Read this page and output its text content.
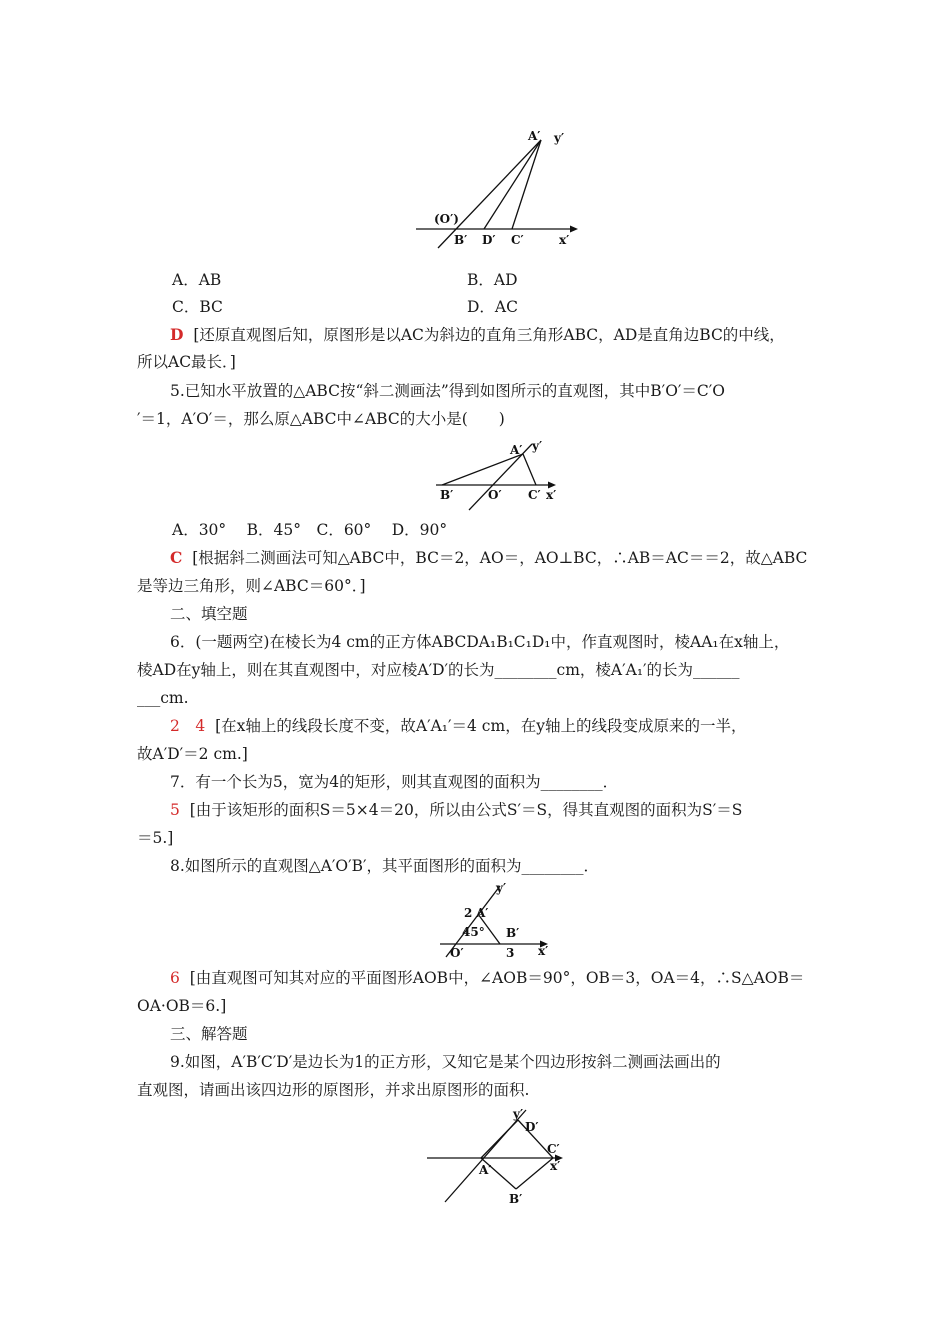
A′ y′
(O′)
B′ D′ C′	x′
A．AB	B．AD
C．BC	D．AC
D [还原直观图后知，原图形是以AC为斜边的直角三角形ABC，AD是直角边BC的中线，
所以AC最长．]
5.已知水平放置的△ABC按“斜二测画法”得到如图所示的直观图，其中B′O′＝C′O
′＝1，A′O′＝，那么原△ABC中∠ABC的大小是(　　)
A′ y′
B′	O′ C′ x′
A．30°　 B．45°　C．60°　 D．90°
C [根据斜二测画法可知△ABC中，BC＝2，AO＝，AO⊥BC，∴AB＝AC＝＝2，故△ABC
是等边三角形，则∠ABC＝60°．]
二、填空题
6．(一题两空)在棱长为4 cm的正方体ABCDA₁B₁C₁D₁中，作直观图时，棱AA₁在x轴上，
棱AD在y轴上，则在其直观图中，对应棱A′D′的长为________cm，棱A′A₁′的长为______
___cm.
2　4 [在x轴上的线段长度不变，故A′A₁′＝4 cm，在y轴上的线段变成原来的一半，
故A′D′＝2 cm.]
7．有一个长为5，宽为4的矩形，则其直观图的面积为________．
5 [由于该矩形的面积S＝5×4＝20，所以由公式S′＝S，得其直观图的面积为S′＝S
＝5.]
8.如图所示的直观图△A′O′B′，其平面图形的面积为________．
y′
2 A′
45° B′
O′	3 x′
6 [由直观图可知其对应的平面图形AOB中，∠AOB＝90°，OB＝3，OA＝4，∴S△AOB＝
OA·OB＝6.]
三、解答题
9.如图，A′B′C′D′是边长为1的正方形，又知它是某个四边形按斜二测画法画出的
直观图，请画出该四边形的原图形，并求出原图形的面积.
y′
D′
C′
x′
A′
B′
